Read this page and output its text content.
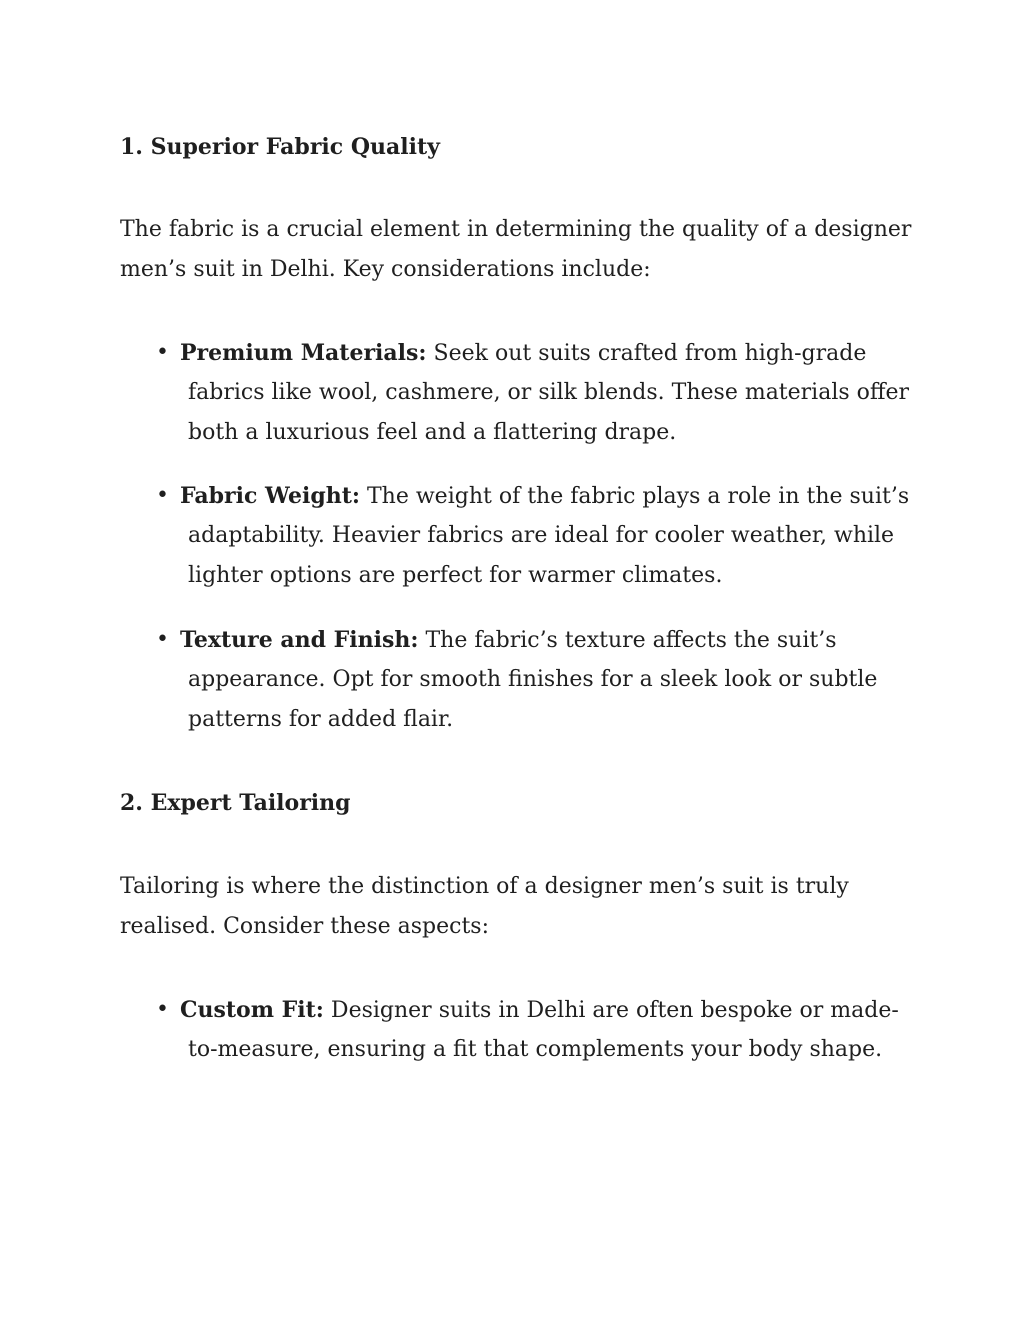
1. Superior Fabric Quality

The fabric is a crucial element in determining the quality of a designer
men’s suit in Delhi. Key considerations include:

• Premium Materials: Seek out suits crafted from high-grade
fabrics like wool, cashmere, or silk blends. These materials offer
both a luxurious feel and a flattering drape.
• Fabric Weight: The weight of the fabric plays a role in the suit’s
adaptability. Heavier fabrics are ideal for cooler weather, while
lighter options are perfect for warmer climates.
• Texture and Finish: The fabric’s texture affects the suit’s
appearance. Opt for smooth finishes for a sleek look or subtle
patterns for added flair.
2. Expert Tailoring

Tailoring is where the distinction of a designer men’s suit is truly
realised. Consider these aspects:

• Custom Fit: Designer suits in Delhi are often bespoke or made-
to-measure, ensuring a fit that complements your body shape.
